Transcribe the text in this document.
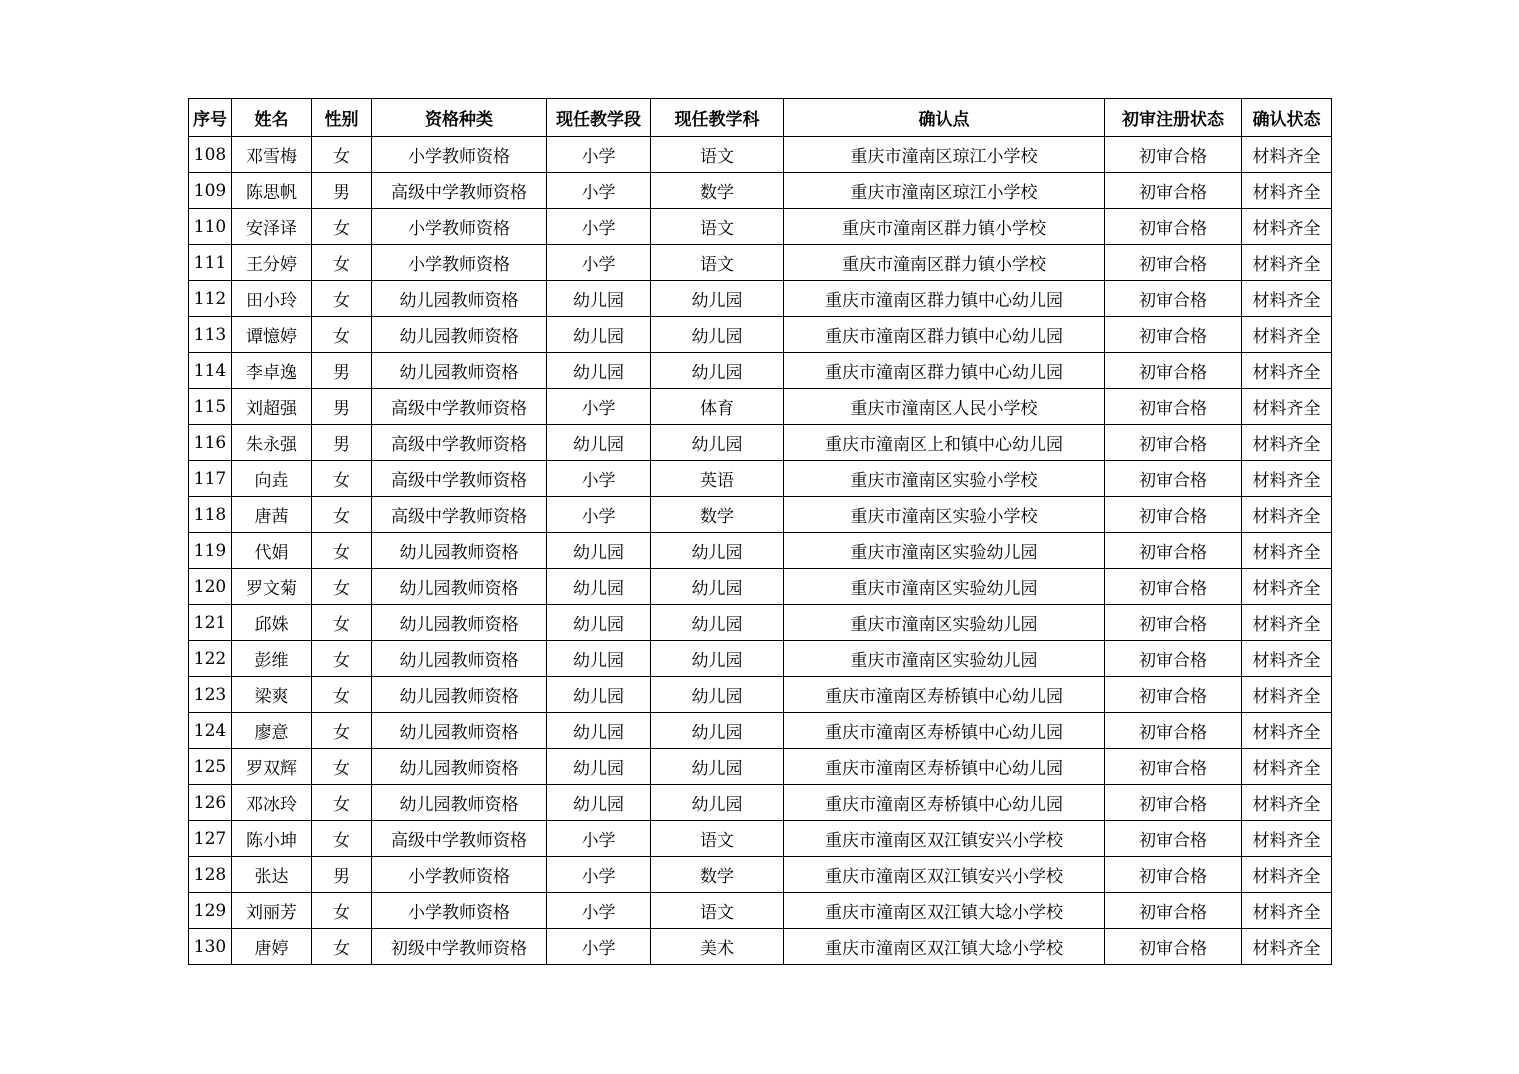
序号	姓名	性别	资格种类	现任教学段	现任教学科	确认点	初审注册状态	确认状态
108	邓雪梅	女	小学教师资格	小学	语文	重庆市潼南区琼江小学校	初审合格	材料齐全
109	陈思帆	男	高级中学教师资格	小学	数学	重庆市潼南区琼江小学校	初审合格	材料齐全
110	安泽译	女	小学教师资格	小学	语文	重庆市潼南区群力镇小学校	初审合格	材料齐全
111	王分婷	女	小学教师资格	小学	语文	重庆市潼南区群力镇小学校	初审合格	材料齐全
112	田小玲	女	幼儿园教师资格	幼儿园	幼儿园	重庆市潼南区群力镇中心幼儿园	初审合格	材料齐全
113	谭憶婷	女	幼儿园教师资格	幼儿园	幼儿园	重庆市潼南区群力镇中心幼儿园	初审合格	材料齐全
114	李卓逸	男	幼儿园教师资格	幼儿园	幼儿园	重庆市潼南区群力镇中心幼儿园	初审合格	材料齐全
115	刘超强	男	高级中学教师资格	小学	体育	重庆市潼南区人民小学校	初审合格	材料齐全
116	朱永强	男	高级中学教师资格	幼儿园	幼儿园	重庆市潼南区上和镇中心幼儿园	初审合格	材料齐全
117	向垚	女	高级中学教师资格	小学	英语	重庆市潼南区实验小学校	初审合格	材料齐全
118	唐茜	女	高级中学教师资格	小学	数学	重庆市潼南区实验小学校	初审合格	材料齐全
119	代娟	女	幼儿园教师资格	幼儿园	幼儿园	重庆市潼南区实验幼儿园	初审合格	材料齐全
120	罗文菊	女	幼儿园教师资格	幼儿园	幼儿园	重庆市潼南区实验幼儿园	初审合格	材料齐全
121	邱姝	女	幼儿园教师资格	幼儿园	幼儿园	重庆市潼南区实验幼儿园	初审合格	材料齐全
122	彭维	女	幼儿园教师资格	幼儿园	幼儿园	重庆市潼南区实验幼儿园	初审合格	材料齐全
123	梁爽	女	幼儿园教师资格	幼儿园	幼儿园	重庆市潼南区寿桥镇中心幼儿园	初审合格	材料齐全
124	廖意	女	幼儿园教师资格	幼儿园	幼儿园	重庆市潼南区寿桥镇中心幼儿园	初审合格	材料齐全
125	罗双辉	女	幼儿园教师资格	幼儿园	幼儿园	重庆市潼南区寿桥镇中心幼儿园	初审合格	材料齐全
126	邓冰玲	女	幼儿园教师资格	幼儿园	幼儿园	重庆市潼南区寿桥镇中心幼儿园	初审合格	材料齐全
127	陈小坤	女	高级中学教师资格	小学	语文	重庆市潼南区双江镇安兴小学校	初审合格	材料齐全
128	张达	男	小学教师资格	小学	数学	重庆市潼南区双江镇安兴小学校	初审合格	材料齐全
129	刘丽芳	女	小学教师资格	小学	语文	重庆市潼南区双江镇大埝小学校	初审合格	材料齐全
130	唐婷	女	初级中学教师资格	小学	美术	重庆市潼南区双江镇大埝小学校	初审合格	材料齐全
